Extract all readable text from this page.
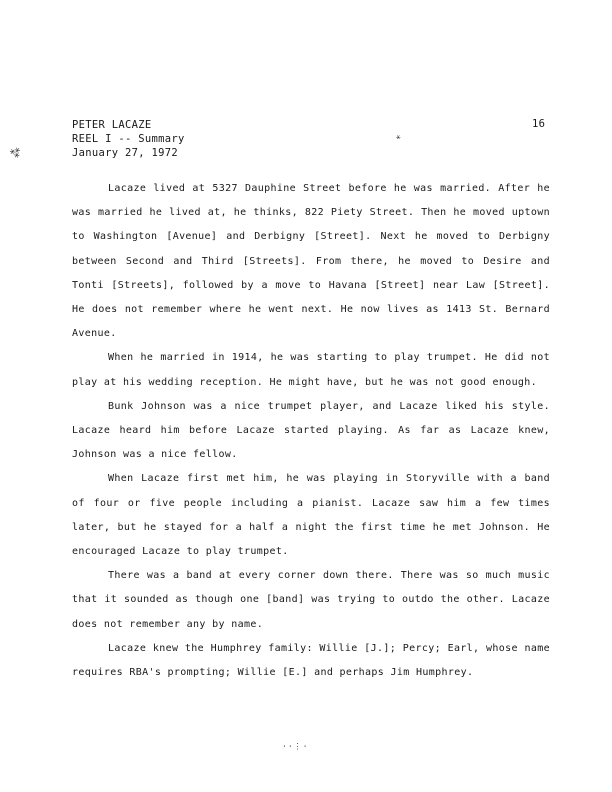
PETER LACAZE
REEL I -- Summary
January 27, 1972
16

Lacaze lived at 5327 Dauphine Street before he was married. After he was married he lived at, he thinks, 822 Piety Street. Then he moved uptown to Washington [Avenue] and Derbigny [Street]. Next he moved to Derbigny between Second and Third [Streets]. From there, he moved to Desire and Tonti [Streets], followed by a move to Havana [Street] near Law [Street]. He does not remember where he went next. He now lives as 1413 St. Bernard Avenue.

When he married in 1914, he was starting to play trumpet. He did not play at his wedding reception. He might have, but he was not good enough.

Bunk Johnson was a nice trumpet player, and Lacaze liked his style. Lacaze heard him before Lacaze started playing. As far as Lacaze knew, Johnson was a nice fellow.

When Lacaze first met him, he was playing in Storyville with a band of four or five people including a pianist. Lacaze saw him a few times later, but he stayed for a half a night the first time he met Johnson. He encouraged Lacaze to play trumpet.

There was a band at every corner down there. There was so much music that it sounded as though one [band] was trying to outdo the other. Lacaze does not remember any by name.

Lacaze knew the Humphrey family: Willie [J.]; Percy; Earl, whose name requires RBA's prompting; Willie [E.] and perhaps Jim Humphrey.

⁎
⁂
⋅⋅⋮⋅
